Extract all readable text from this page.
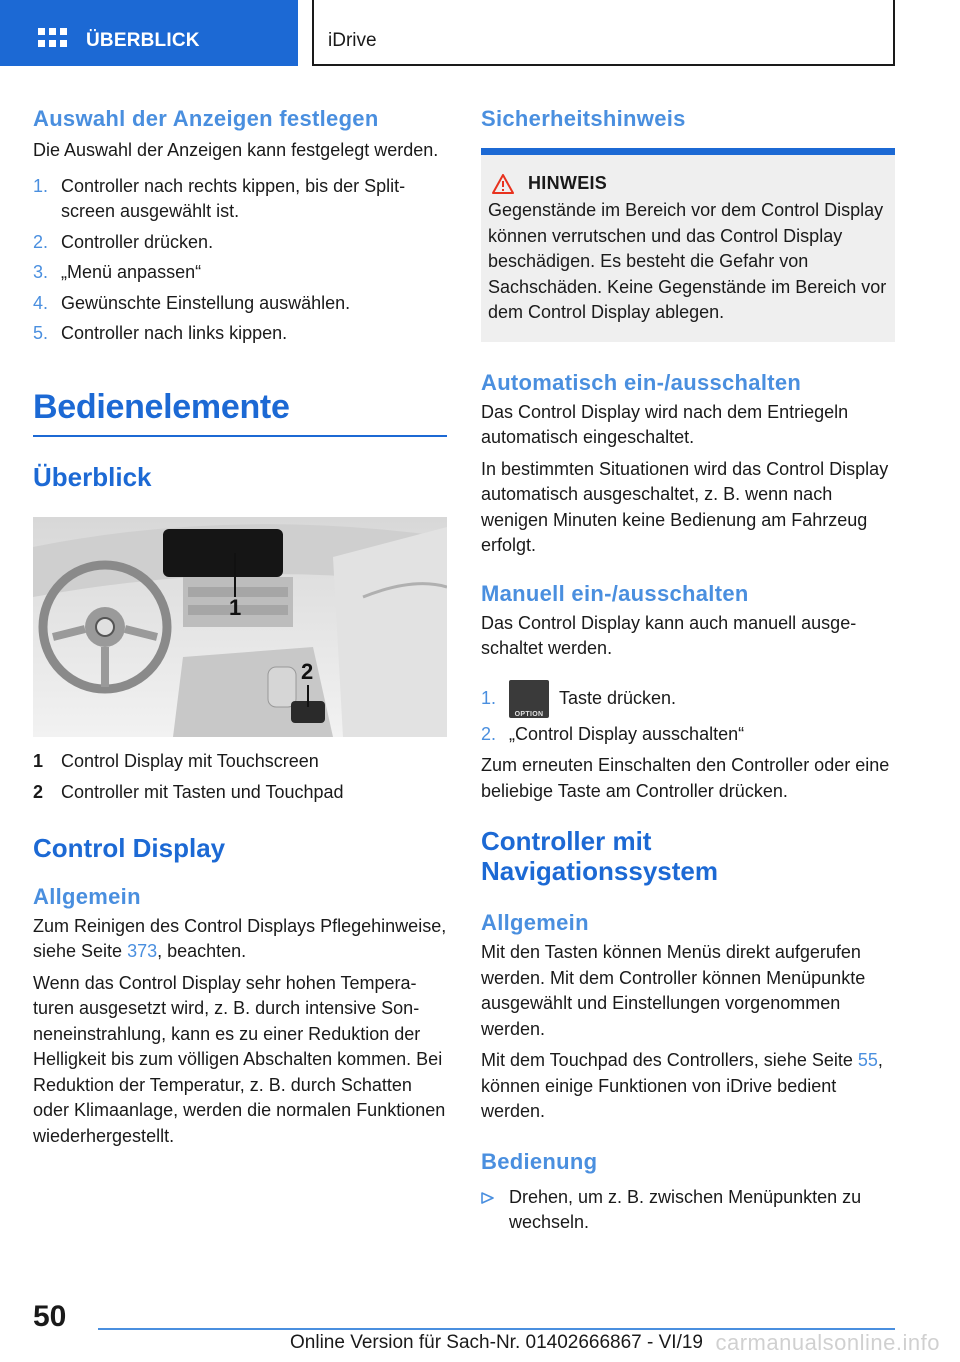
ÜBERBLICK	iDrive
Auswahl der Anzeigen festlegen
Die Auswahl der Anzeigen kann festgelegt werden.
1. Controller nach rechts kippen, bis der Splitscreen ausgewählt ist.
2. Controller drücken.
3. „Menü anpassen“
4. Gewünschte Einstellung auswählen.
5. Controller nach links kippen.
Bedienelemente
Überblick
1
2
1 Control Display mit Touchscreen
2 Controller mit Tasten und Touchpad
Control Display
Allgemein
Zum Reinigen des Control Displays Pflegehinweise, siehe Seite 373, beachten.
Wenn das Control Display sehr hohen Temperaturen ausgesetzt wird, z. B. durch intensive Sonneneinstrahlung, kann es zu einer Reduktion der Helligkeit bis zum völligen Abschalten kommen. Bei Reduktion der Temperatur, z. B. durch Schatten oder Klimaanlage, werden die normalen Funktionen wiederhergestellt.
Sicherheitshinweis
HINWEIS
Gegenstände im Bereich vor dem Control Display können verrutschen und das Control Display beschädigen. Es besteht die Gefahr von Sachschäden. Keine Gegenstände im Bereich vor dem Control Display ablegen.
Automatisch ein-/ausschalten
Das Control Display wird nach dem Entriegeln automatisch eingeschaltet.
In bestimmten Situationen wird das Control Display automatisch ausgeschaltet, z. B. wenn nach wenigen Minuten keine Bedienung am Fahrzeug erfolgt.
Manuell ein-/ausschalten
Das Control Display kann auch manuell ausgeschaltet werden.
1.
OPTION
Taste drücken.
2. „Control Display ausschalten“
Zum erneuten Einschalten den Controller oder eine beliebige Taste am Controller drücken.
Controller mit
Navigationssystem
Allgemein
Mit den Tasten können Menüs direkt aufgerufen werden. Mit dem Controller können Menüpunkte ausgewählt und Einstellungen vorgenommen werden.
Mit dem Touchpad des Controllers, siehe Seite 55, können einige Funktionen von iDrive bedient werden.
Bedienung
Drehen, um z. B. zwischen Menüpunkten zu wechseln.
50
Online Version für Sach-Nr. 01402666867 - VI/19 carmanualsonline.info
